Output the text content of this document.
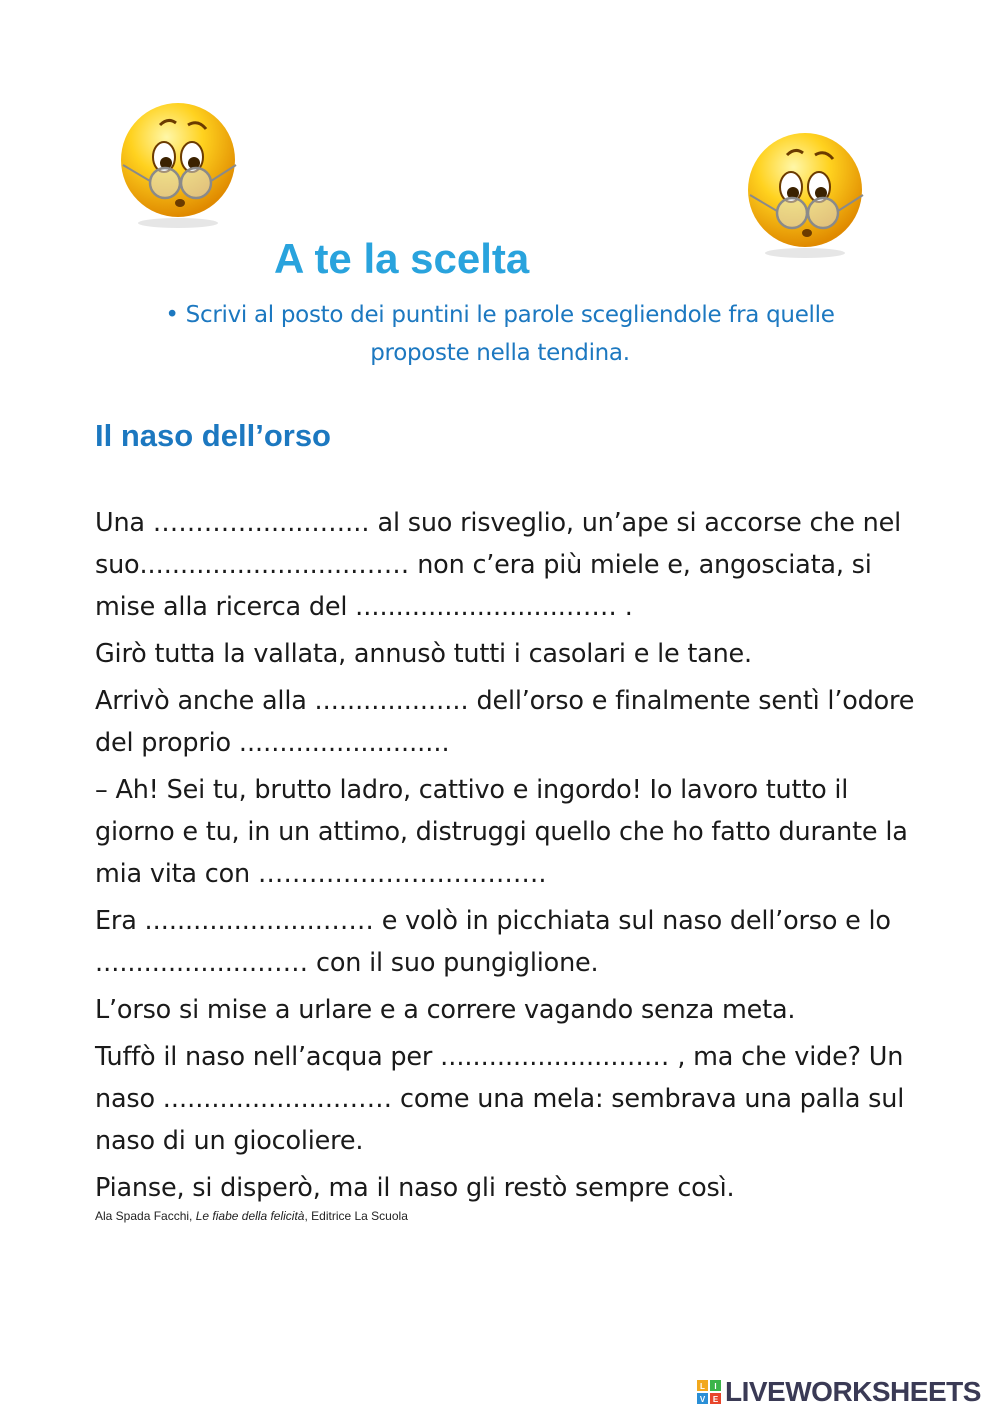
A te la scelta
• Scrivi al posto dei puntini le parole scegliendole fra quelle
proposte nella tendina.
Il naso dell’orso

Una …………........…... al suo risveglio, un’ape si accorse che nel suo...........................…… non c’era più miele e, angosciata, si mise alla ricerca del ..........................…… .

Girò tutta la vallata, annusò tutti i casolari e le tane.

Arrivò anche alla ................... dell’orso e finalmente sentì l’odore del proprio ..........................

– Ah! Sei tu, brutto ladro, cattivo e ingordo! Io lavoro tutto il giorno e tu, in un attimo, distruggi quello che ho fatto durante la mia vita con …………………………….

Era ......................…… e volò in picchiata sul naso dell’orso e lo ....................…… con il suo pungiglione.

L’orso si mise a urlare e a correre vagando senza meta.

Tuffò il naso nell’acqua per ......................…… , ma che vide? Un naso ......................…… come una mela: sembrava una palla sul naso di un giocoliere.

Pianse, si disperò, ma il naso gli restò sempre così.

Ala Spada Facchi, Le fiabe della felicità, Editrice La Scuola
L I
V E LIVEWORKSHEETS
